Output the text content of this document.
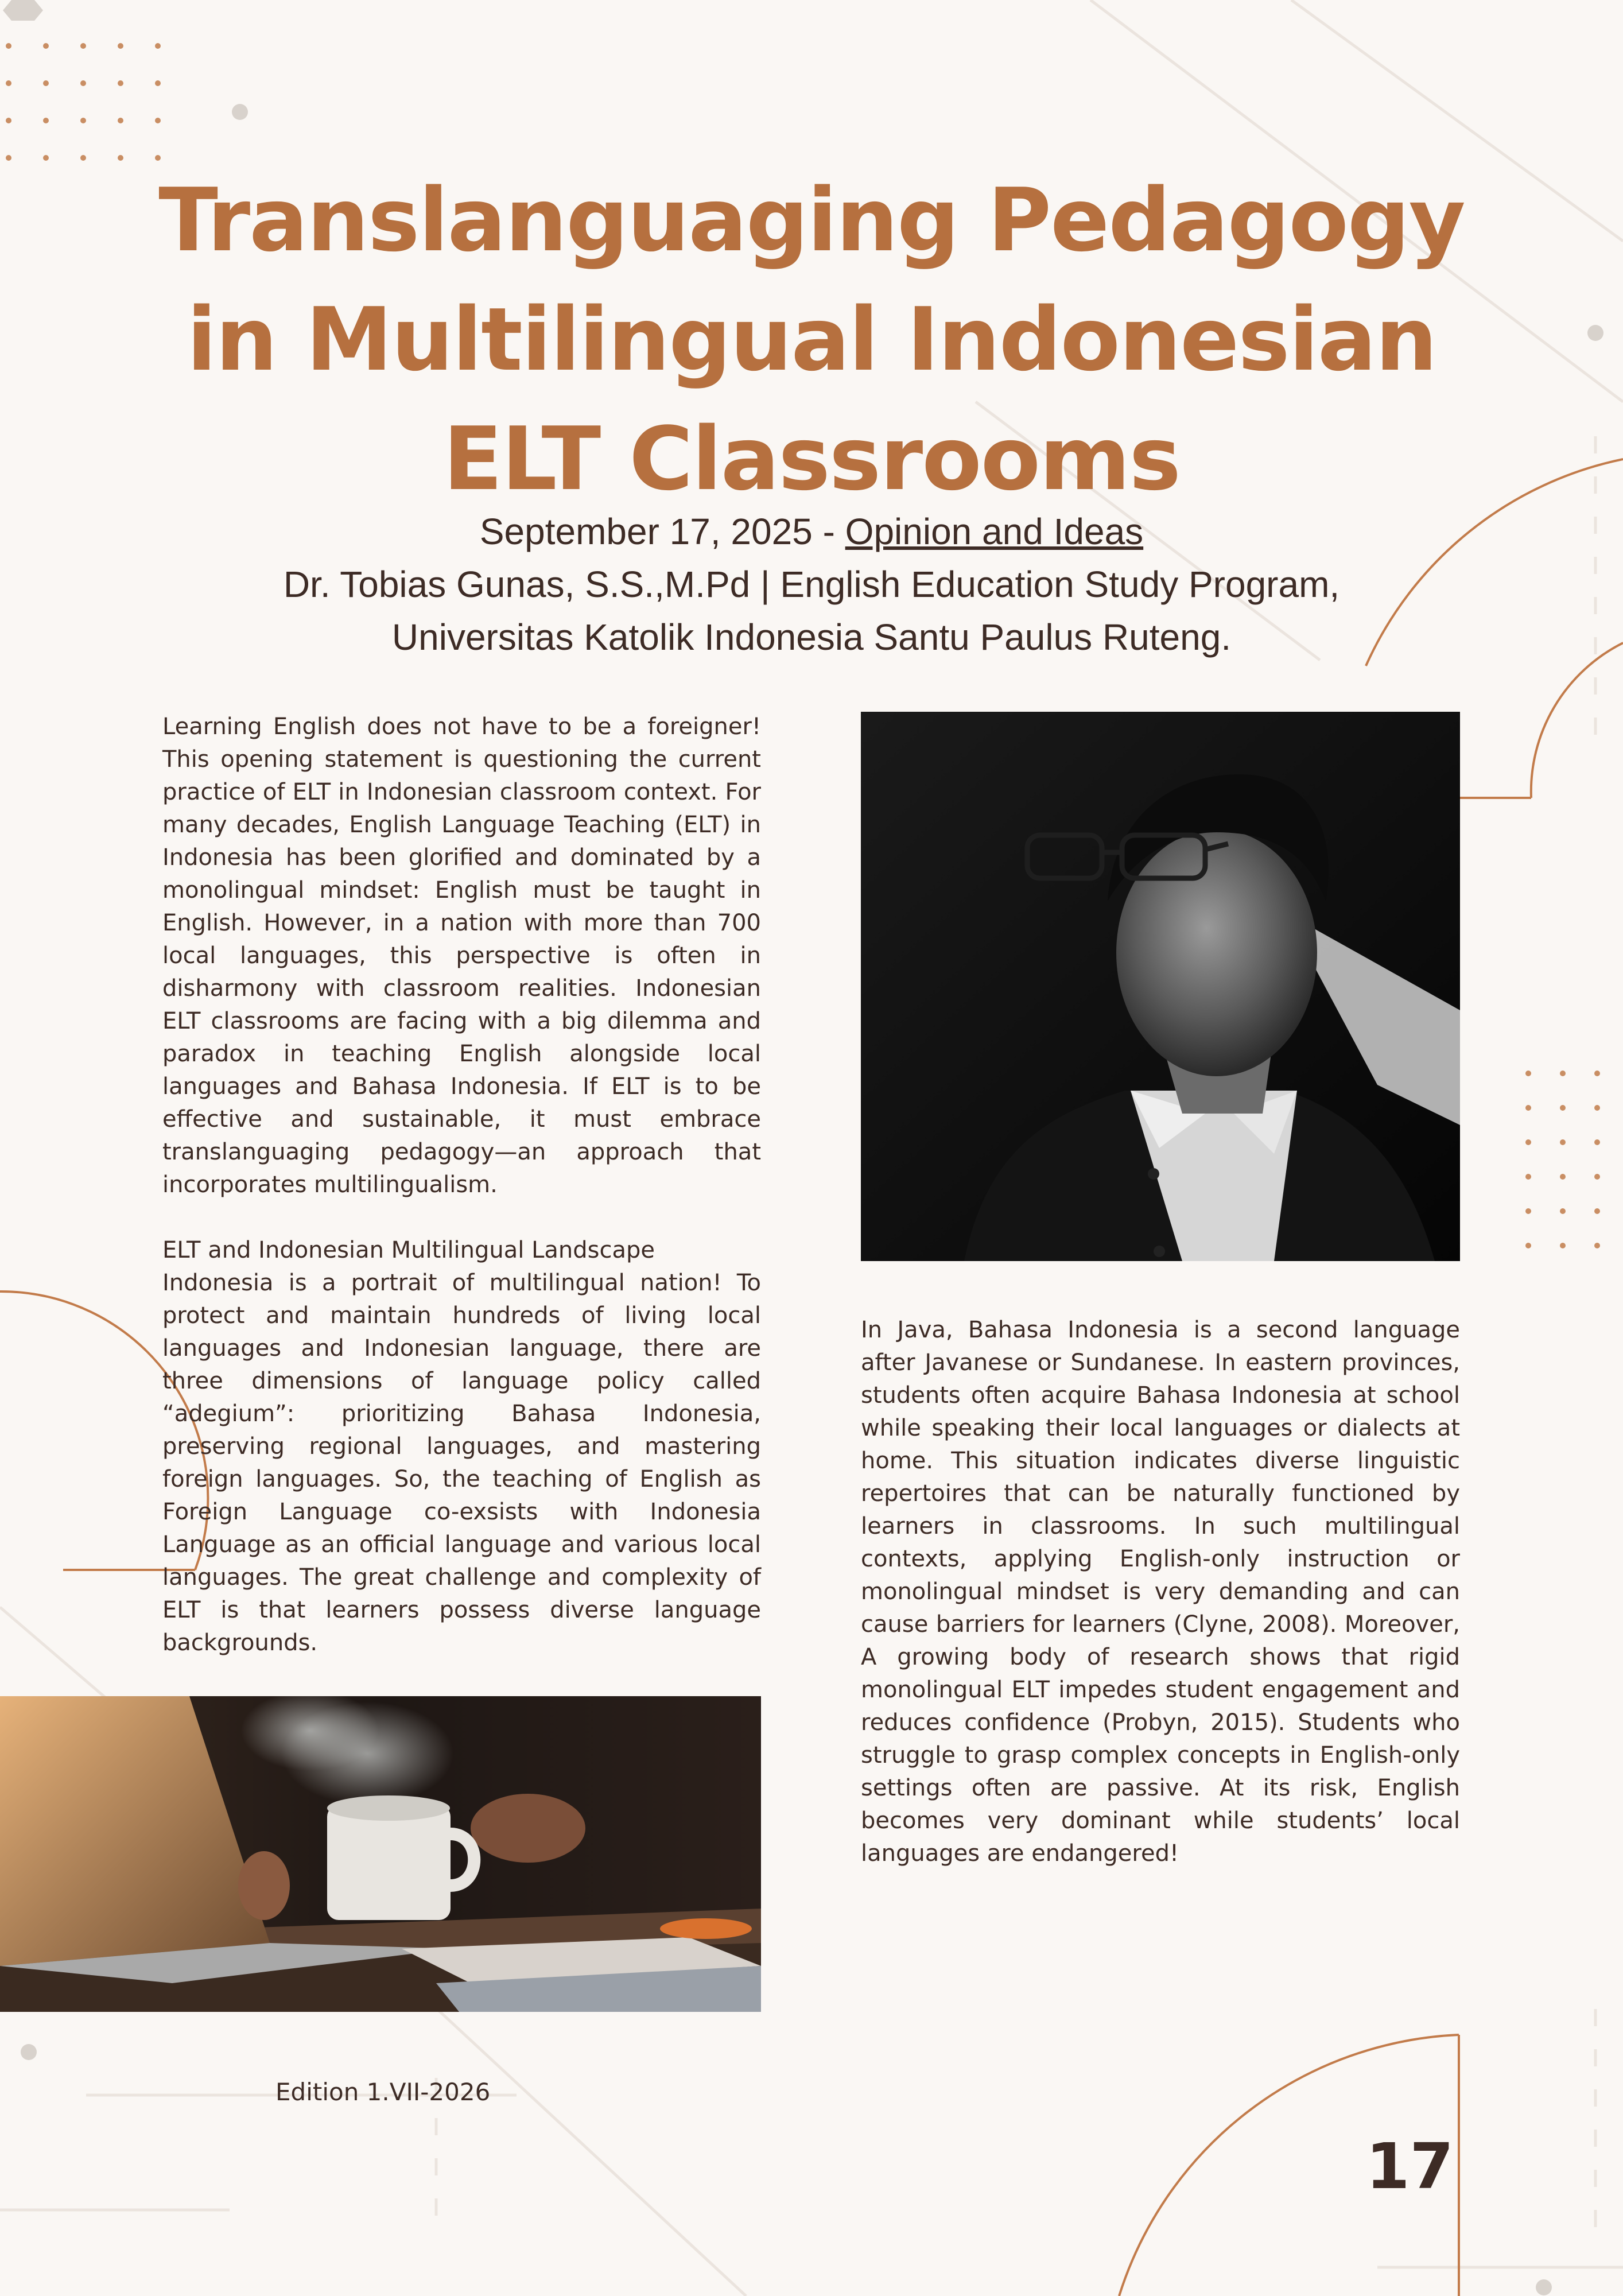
Translanguaging Pedagogy in Multilingual Indonesian ELT Classrooms

September 17, 2025 - Opinion and Ideas

Dr. Tobias Gunas, S.S.,M.Pd | English Education Study Program,

Universitas Katolik Indonesia Santu Paulus Ruteng.

Learning English does not have to be a foreigner! This opening statement is questioning the current practice of ELT in Indonesian classroom context. For many decades, English Language Teaching (ELT) in Indonesia has been glorified and dominated by a monolingual mindset: English must be taught in English. However, in a nation with more than 700 local languages, this perspective is often in disharmony with classroom realities. Indonesian ELT classrooms are facing with a big dilemma and paradox in teaching English alongside local languages and Bahasa Indonesia. If ELT is to be effective and sustainable, it must embrace translanguaging pedagogy—an approach that incorporates multilingualism.

ELT and Indonesian Multilingual Landscape

Indonesia is a portrait of multilingual nation! To protect and maintain hundreds of living local languages and Indonesian language, there are three dimensions of language policy called “adegium”: prioritizing Bahasa Indonesia, preserving regional languages, and mastering foreign languages. So, the teaching of English as Foreign Language co-exsists with Indonesia Language as an official language and various local languages. The great challenge and complexity of ELT is that learners possess diverse language backgrounds.

In Java, Bahasa Indonesia is a second language after Javanese or Sundanese. In eastern provinces, students often acquire Bahasa Indonesia at school while speaking their local languages or dialects at home. This situation indicates diverse linguistic repertoires that can be naturally functioned by learners in classrooms. In such multilingual contexts, applying English-only instruction or monolingual mindset is very demanding and can cause barriers for learners (Clyne, 2008). Moreover, A growing body of research shows that rigid monolingual ELT impedes student engagement and reduces confidence (Probyn, 2015). Students who struggle to grasp complex concepts in English-only settings often are passive. At its risk, English becomes very dominant while students’ local languages are endangered!

Edition 1.VII-2026
17
